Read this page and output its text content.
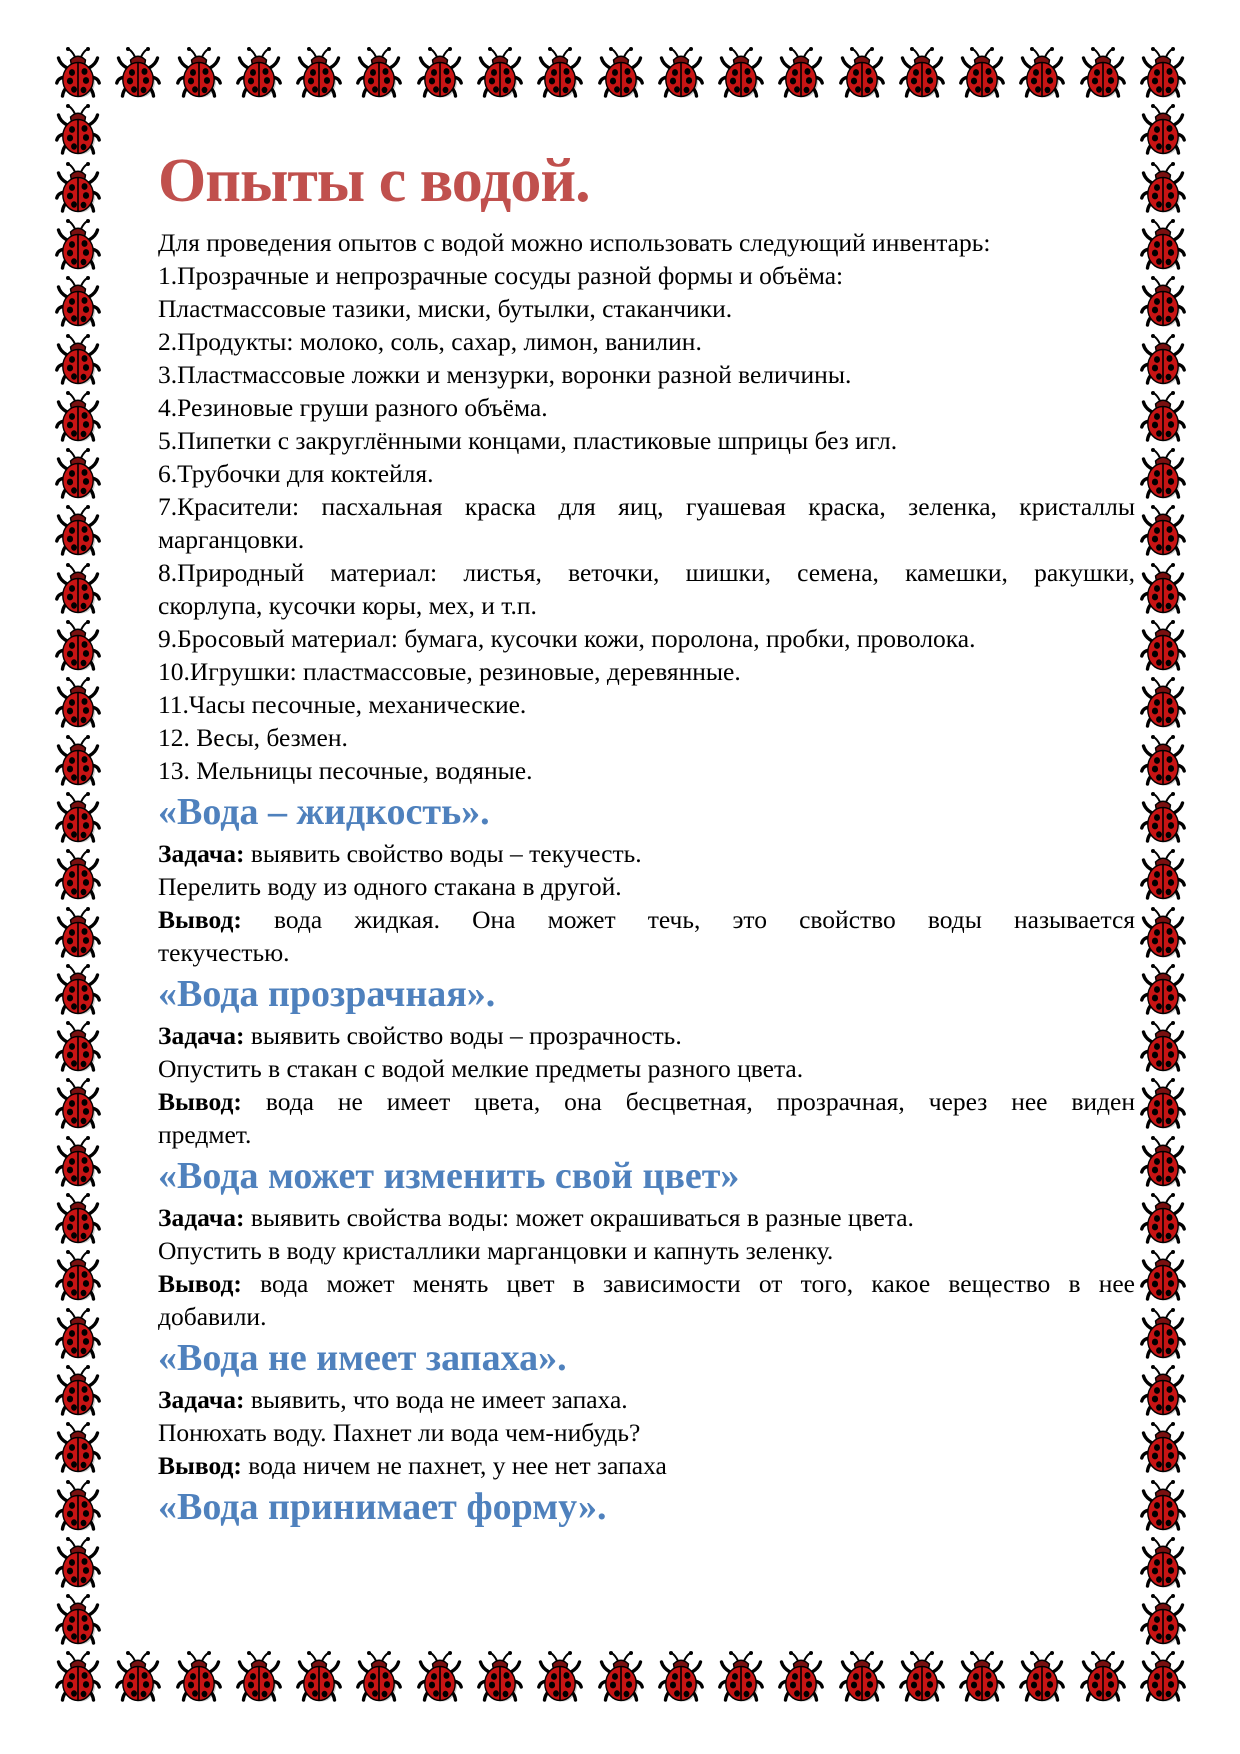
Опыты с водой.
Для проведения опытов с водой можно использовать следующий инвентарь:
1.Прозрачные и непрозрачные сосуды разной формы и объёма:
Пластмассовые тазики, миски, бутылки, стаканчики.
2.Продукты: молоко, соль, сахар, лимон, ванилин.
3.Пластмассовые ложки и мензурки, воронки разной величины.
4.Резиновые груши разного объёма.
5.Пипетки с закруглёнными концами, пластиковые шприцы без игл.
6.Трубочки для коктейля.
7.Красители: пасхальная краска для яиц, гуашевая краска, зеленка, кристаллы
марганцовки.
8.Природный материал: листья, веточки, шишки, семена, камешки, ракушки,
скорлупа, кусочки коры, мех, и т.п.
9.Бросовый материал: бумага, кусочки кожи, поролона, пробки, проволока.
10.Игрушки: пластмассовые, резиновые, деревянные.
11.Часы песочные, механические.
12. Весы, безмен.
13. Мельницы песочные, водяные.
«Вода – жидкость».
Задача: выявить свойство воды – текучесть.
Перелить воду из одного стакана в другой.
Вывод: вода жидкая. Она может течь, это свойство воды называется
текучестью.
«Вода прозрачная».
Задача: выявить свойство воды – прозрачность.
Опустить в стакан с водой мелкие предметы разного цвета.
Вывод: вода не имеет цвета, она бесцветная, прозрачная, через нее виден
предмет.
«Вода может изменить свой цвет»
Задача: выявить свойства воды: может окрашиваться в разные цвета.
Опустить в воду кристаллики марганцовки и капнуть зеленку.
Вывод: вода может менять цвет в зависимости от того, какое вещество в нее
добавили.
«Вода не имеет запаха».
Задача: выявить, что вода не имеет запаха.
Понюхать воду. Пахнет ли вода чем-нибудь?
Вывод: вода ничем не пахнет, у нее нет запаха
«Вода принимает форму».
